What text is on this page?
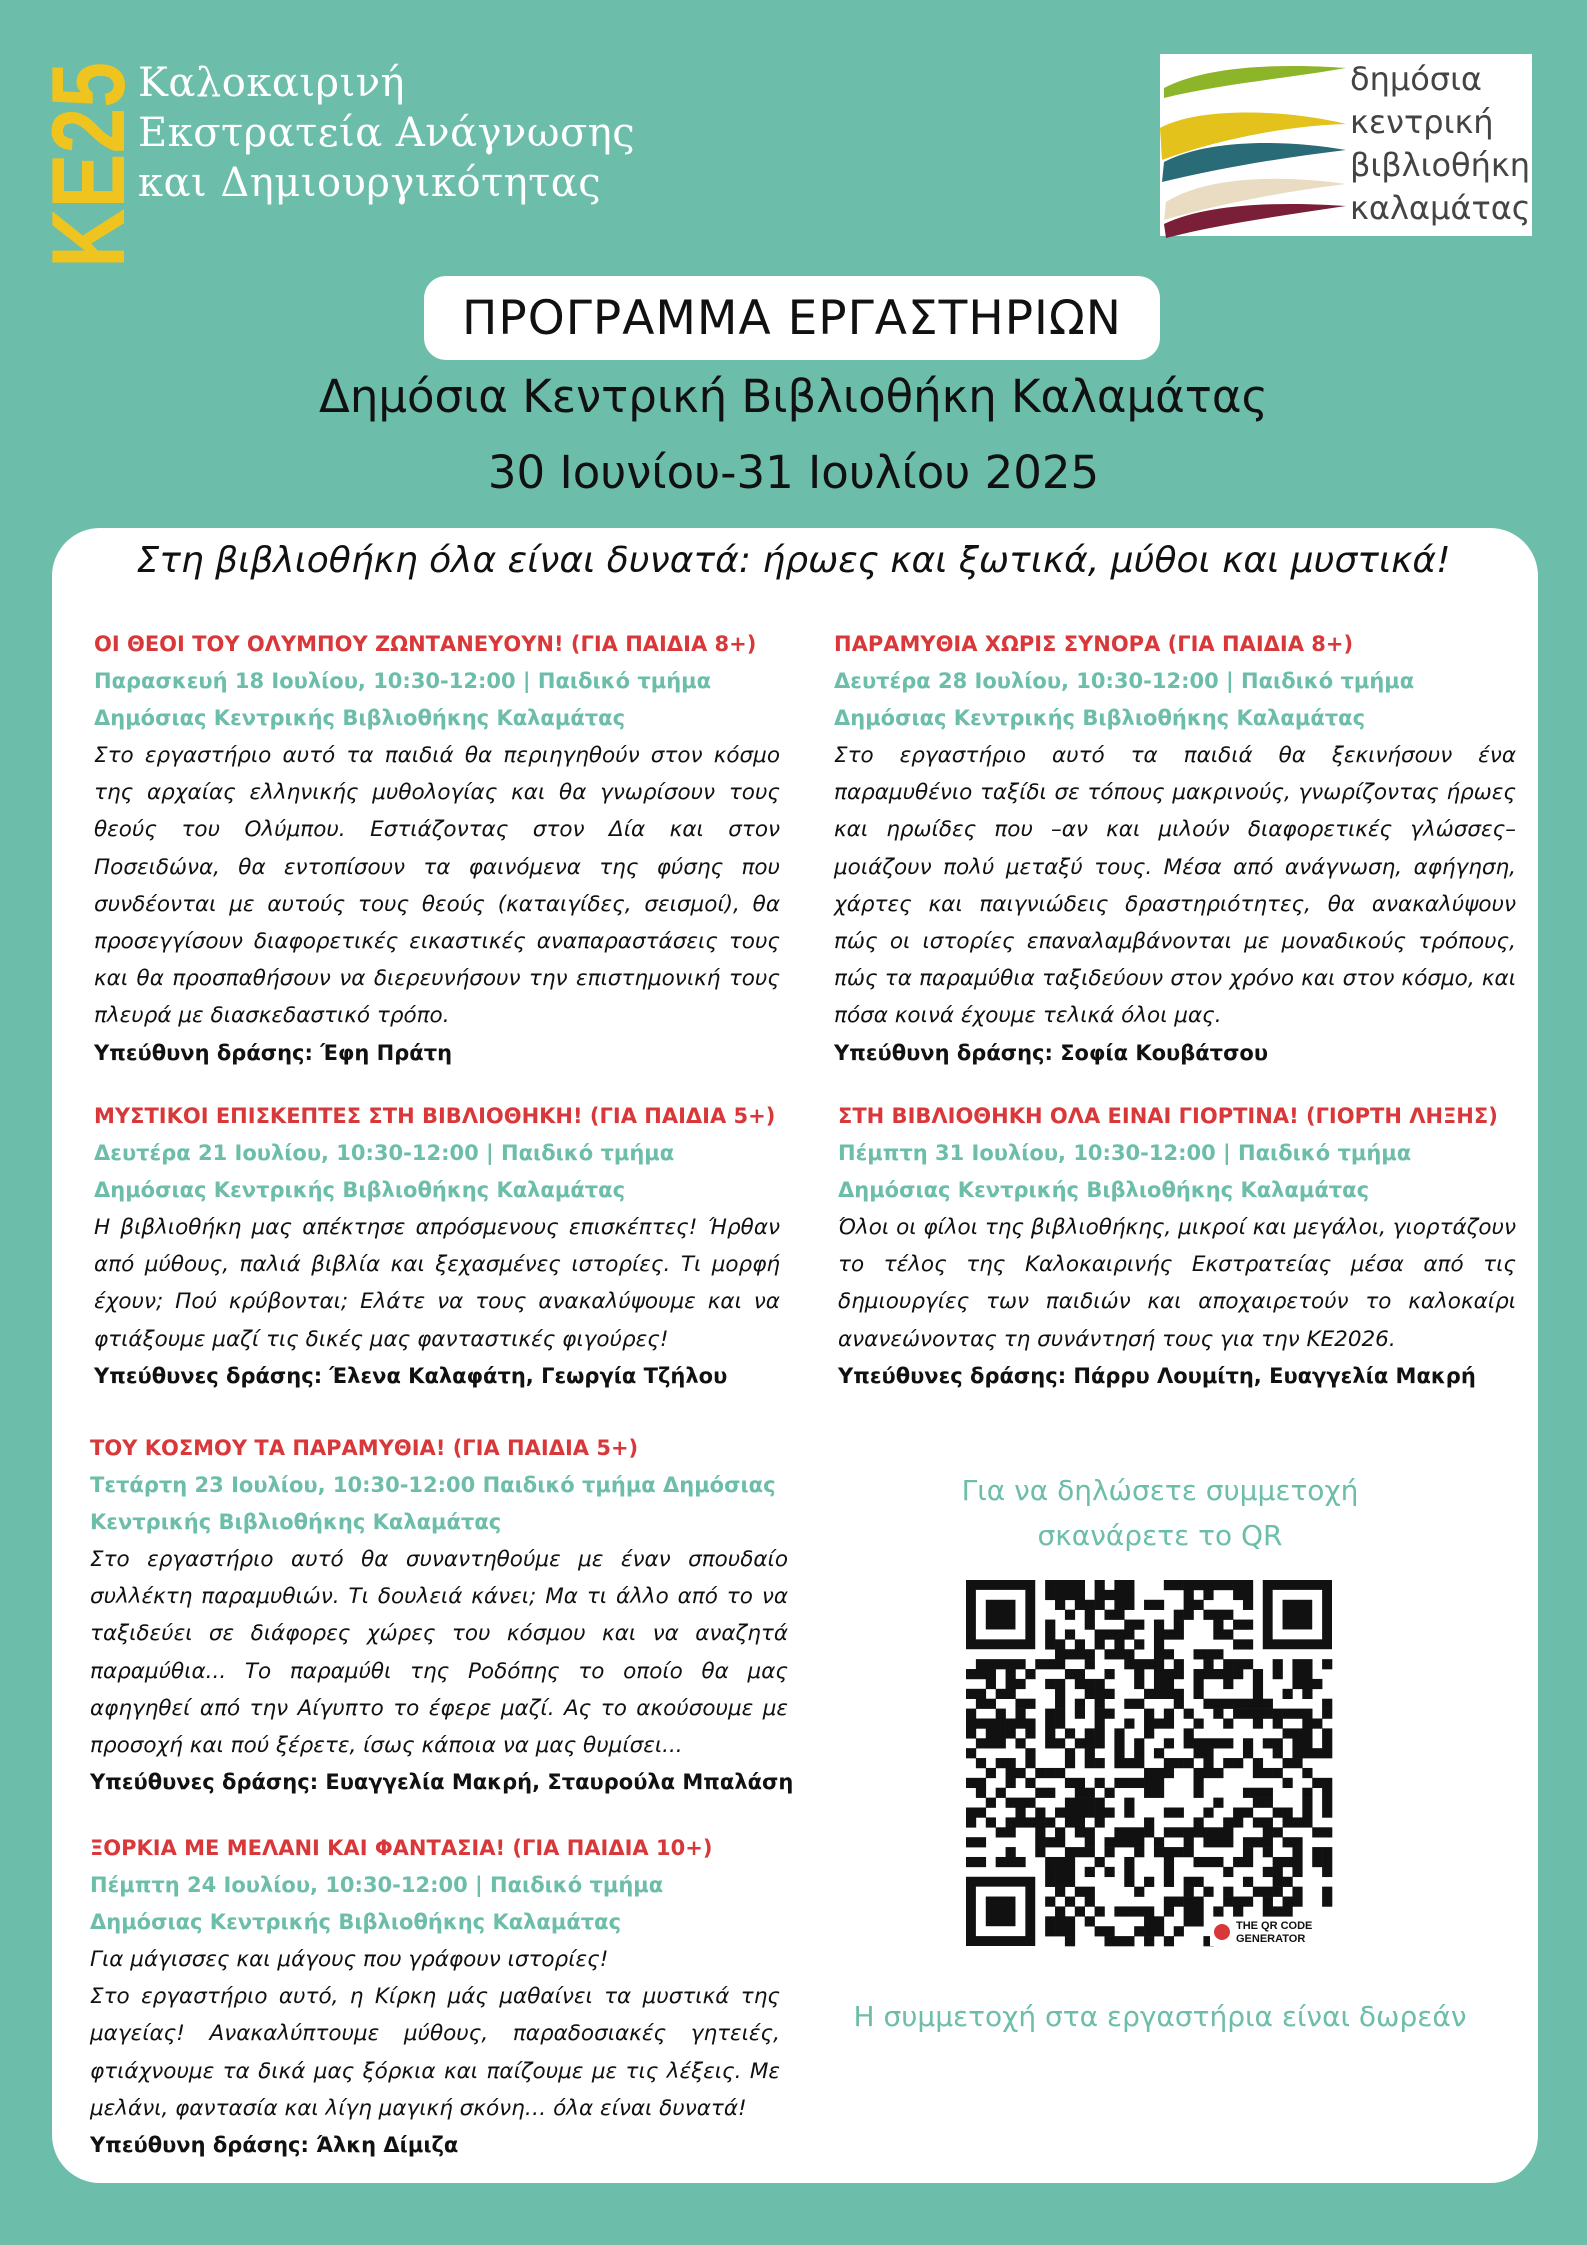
KE25
Καλοκαιρινή
Εκστρατεία Ανάγνωσης
και Δημιουργικότητας
δημόσια
κεντρική
βιβλιοθήκη
καλαμάτας
ΠΡΟΓΡΑΜΜΑ ΕΡΓΑΣΤΗΡΙΩΝ
Δημόσια Κεντρική Βιβλιοθήκη Καλαμάτας
30 Ιουνίου-31 Ιουλίου 2025
Στη βιβλιοθήκη όλα είναι δυνατά: ήρωες και ξωτικά, μύθοι και μυστικά!
ΟΙ ΘΕΟΙ ΤΟΥ ΟΛΥΜΠΟΥ ΖΩΝΤΑΝΕΥΟΥΝ! (ΓΙΑ ΠΑΙΔΙΑ 8+)
Παρασκευή 18 Ιουλίου, 10:30-12:00 | Παιδικό τμήμα Δημόσιας Κεντρικής Βιβλιοθήκης Καλαμάτας
Στο εργαστήριο αυτό τα παιδιά θα περιηγηθούν στον κόσμο της αρχαίας ελληνικής μυθολογίας και θα γνωρίσουν τους θεούς του Ολύμπου. Εστιάζοντας στον Δία και στον Ποσειδώνα, θα εντοπίσουν τα φαινόμενα της φύσης που συνδέονται με αυτούς τους θεούς (καταιγίδες, σεισμοί), θα προσεγγίσουν διαφορετικές εικαστικές αναπαραστάσεις τους και θα προσπαθήσουν να διερευνήσουν την επιστημονική τους πλευρά με διασκεδαστικό τρόπο.
Υπεύθυνη δράσης: Έφη Πράτη
ΠΑΡΑΜΥΘΙΑ ΧΩΡΙΣ ΣΥΝΟΡΑ (ΓΙΑ ΠΑΙΔΙΑ 8+)
Δευτέρα 28 Ιουλίου, 10:30-12:00 | Παιδικό τμήμα Δημόσιας Κεντρικής Βιβλιοθήκης Καλαμάτας
Στο εργαστήριο αυτό τα παιδιά θα ξεκινήσουν ένα παραμυθένιο ταξίδι σε τόπους μακρινούς, γνωρίζοντας ήρωες και ηρωίδες που –αν και μιλούν διαφορετικές γλώσσες– μοιάζουν πολύ μεταξύ τους. Μέσα από ανάγνωση, αφήγηση, χάρτες και παιγνιώδεις δραστηριότητες, θα ανακαλύψουν πώς οι ιστορίες επαναλαμβάνονται με μοναδικούς τρόπους, πώς τα παραμύθια ταξιδεύουν στον χρόνο και στον κόσμο, και πόσα κοινά έχουμε τελικά όλοι μας.
Υπεύθυνη δράσης: Σοφία Κουβάτσου
ΜΥΣΤΙΚΟΙ ΕΠΙΣΚΕΠΤΕΣ ΣΤΗ ΒΙΒΛΙΟΘΗΚΗ! (ΓΙΑ ΠΑΙΔΙΑ 5+)
Δευτέρα 21 Ιουλίου, 10:30-12:00 | Παιδικό τμήμα Δημόσιας Κεντρικής Βιβλιοθήκης Καλαμάτας
Η βιβλιοθήκη μας απέκτησε απρόσμενους επισκέπτες! Ήρθαν από μύθους, παλιά βιβλία και ξεχασμένες ιστορίες. Τι μορφή έχουν; Πού κρύβονται; Ελάτε να τους ανακαλύψουμε και να φτιάξουμε μαζί τις δικές μας φανταστικές φιγούρες!
Υπεύθυνες δράσης: Έλενα Καλαφάτη, Γεωργία Τζήλου
ΣΤΗ ΒΙΒΛΙΟΘΗΚΗ ΟΛΑ ΕΙΝΑΙ ΓΙΟΡΤΙΝΑ! (ΓΙΟΡΤΗ ΛΗΞΗΣ)
Πέμπτη 31 Ιουλίου, 10:30-12:00 | Παιδικό τμήμα Δημόσιας Κεντρικής Βιβλιοθήκης Καλαμάτας
Όλοι οι φίλοι της βιβλιοθήκης, μικροί και μεγάλοι, γιορτάζουν το τέλος της Καλοκαιρινής Εκστρατείας μέσα από τις δημιουργίες των παιδιών και αποχαιρετούν το καλοκαίρι ανανεώνοντας τη συνάντησή τους για την ΚΕ2026.
Υπεύθυνες δράσης: Πάρρυ Λουμίτη, Ευαγγελία Μακρή
ΤΟΥ ΚΟΣΜΟΥ ΤΑ ΠΑΡΑΜΥΘΙΑ! (ΓΙΑ ΠΑΙΔΙΑ 5+)
Τετάρτη 23 Ιουλίου, 10:30-12:00 Παιδικό τμήμα Δημόσιας Κεντρικής Βιβλιοθήκης Καλαμάτας
Στο εργαστήριο αυτό θα συναντηθούμε με έναν σπουδαίο συλλέκτη παραμυθιών. Τι δουλειά κάνει; Μα τι άλλο από το να ταξιδεύει σε διάφορες χώρες του κόσμου και να αναζητά παραμύθια... Το παραμύθι της Ροδόπης το οποίο θα μας αφηγηθεί από την Αίγυπτο το έφερε μαζί. Ας το ακούσουμε με προσοχή και πού ξέρετε, ίσως κάποια να μας θυμίσει...
Υπεύθυνες δράσης: Ευαγγελία Μακρή, Σταυρούλα Μπαλάση
ΞΟΡΚΙΑ ΜΕ ΜΕΛΑΝΙ ΚΑΙ ΦΑΝΤΑΣΙΑ! (ΓΙΑ ΠΑΙΔΙΑ 10+)
Πέμπτη 24 Ιουλίου, 10:30-12:00 | Παιδικό τμήμα Δημόσιας Κεντρικής Βιβλιοθήκης Καλαμάτας
Για μάγισσες και μάγους που γράφουν ιστορίες!
Στο εργαστήριο αυτό, η Κίρκη μάς μαθαίνει τα μυστικά της μαγείας! Ανακαλύπτουμε μύθους, παραδοσιακές γητειές, φτιάχνουμε τα δικά μας ξόρκια και παίζουμε με τις λέξεις. Με μελάνι, φαντασία και λίγη μαγική σκόνη… όλα είναι δυνατά!
Υπεύθυνη δράσης: Άλκη Δίμιζα
Για να δηλώσετε συμμετοχή
σκανάρετε το QR
THE QR CODE
GENERATOR
Η συμμετοχή στα εργαστήρια είναι δωρεάν
